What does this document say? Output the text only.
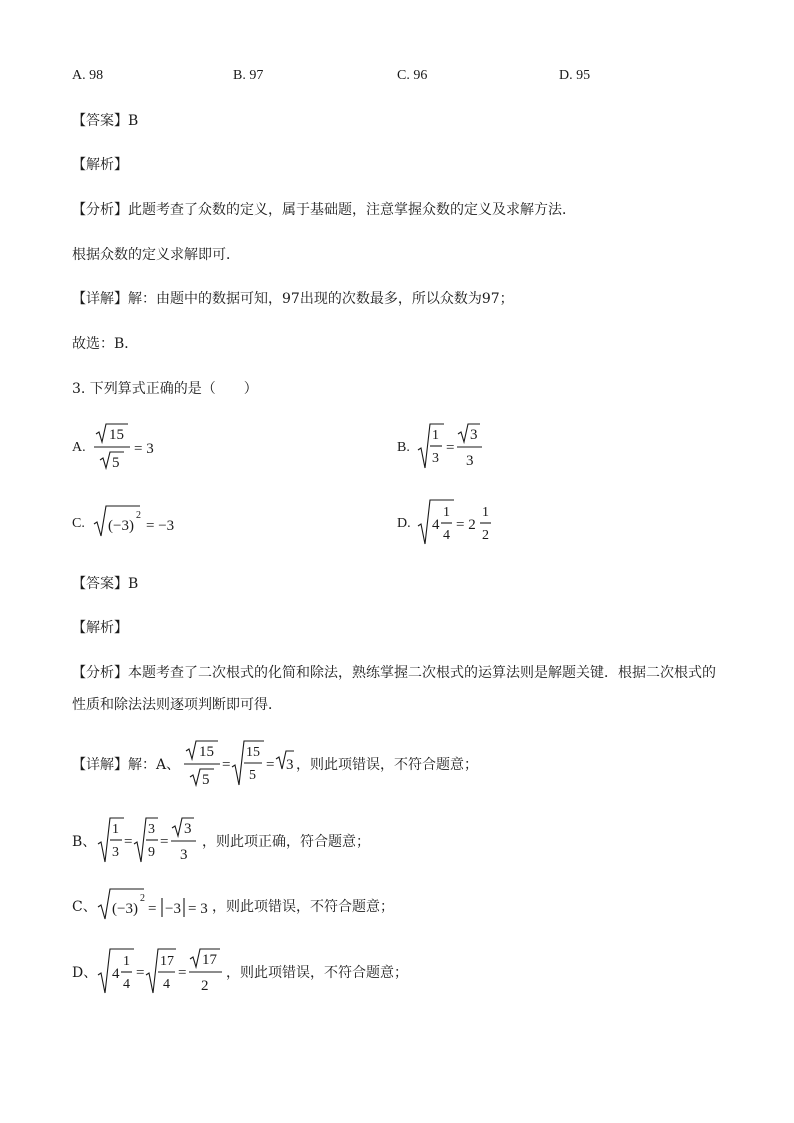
A. 98	B. 97	C. 96	D. 95
【答案】B
【解析】
【分析】此题考查了众数的定义，属于基础题，注意掌握众数的定义及求解方法．
根据众数的定义求解即可．
【详解】解：由题中的数据可知，97出现的次数最多，所以众数为97；
故选：B．
3. 下列算式正确的是（　　）
A.
15
5
= 3	B.
1
3
=
3
3
C. (−3)
2
= −3	D. 4
1
4
= 2
1
2
【答案】B
【解析】
【分析】本题考查了二次根式的化简和除法，熟练掌握二次根式的运算法则是解题关键．根据二次根式的
性质和除法法则逐项判断即可得．
【详解】解：A、
15
5
=
15
5
= 3 ，则此项错误，不符合题意；
B、
1
3
=
3
9
=
3
3
，则此项正确，符合题意；
C、 (−3)
2
= −3 = 3 ，则此项错误，不符合题意；
D、 4
1
4
=
17
4
=
17
2
，则此项错误，不符合题意；
